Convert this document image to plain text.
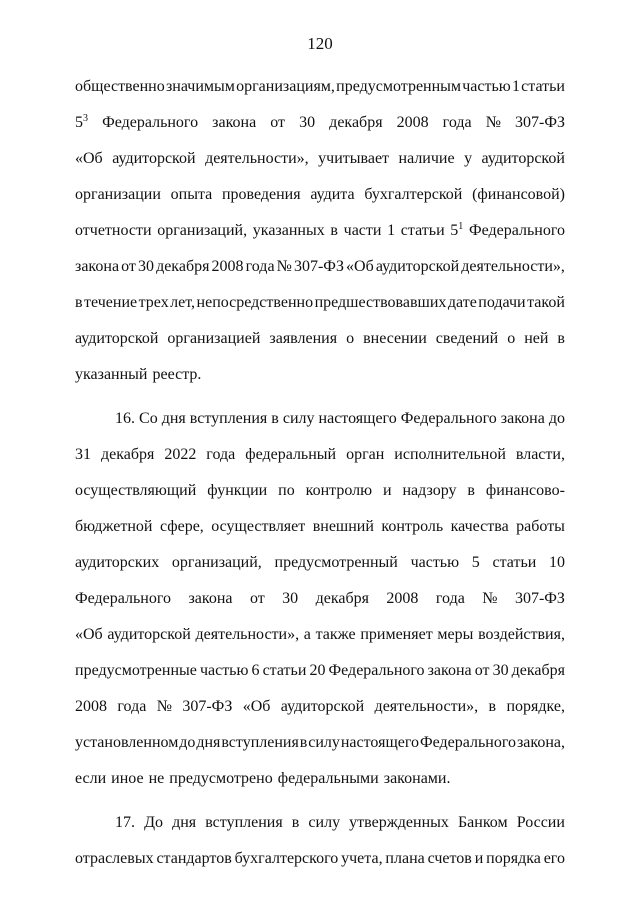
120
общественно значимым организациям, предусмотренным частью 1 статьи
$5^3$ Федерального закона от 30 декабря 2008 года № 307-ФЗ
«Об аудиторской деятельности», учитывает наличие у аудиторской
организации опыта проведения аудита бухгалтерской (финансовой)
отчетности организаций, указанных в части 1 статьи $5^1$ Федерального
закона от 30 декабря 2008 года № 307-ФЗ «Об аудиторской деятельности»,
в течение трех лет, непосредственно предшествовавших дате подачи такой
аудиторской организацией заявления о внесении сведений о ней в
указанный реестр.
16. Со дня вступления в силу настоящего Федерального закона до
31 декабря 2022 года федеральный орган исполнительной власти,
осуществляющий функции по контролю и надзору в финансово-
бюджетной сфере, осуществляет внешний контроль качества работы
аудиторских организаций, предусмотренный частью 5 статьи 10
Федерального закона от 30 декабря 2008 года № 307-ФЗ
«Об аудиторской деятельности», а также применяет меры воздействия,
предусмотренные частью 6 статьи 20 Федерального закона от 30 декабря
2008 года № 307-ФЗ «Об аудиторской деятельности», в порядке,
установленном до дня вступления в силу настоящего Федерального закона,
если иное не предусмотрено федеральными законами.
17. До дня вступления в силу утвержденных Банком России
отраслевых стандартов бухгалтерского учета, плана счетов и порядка его
